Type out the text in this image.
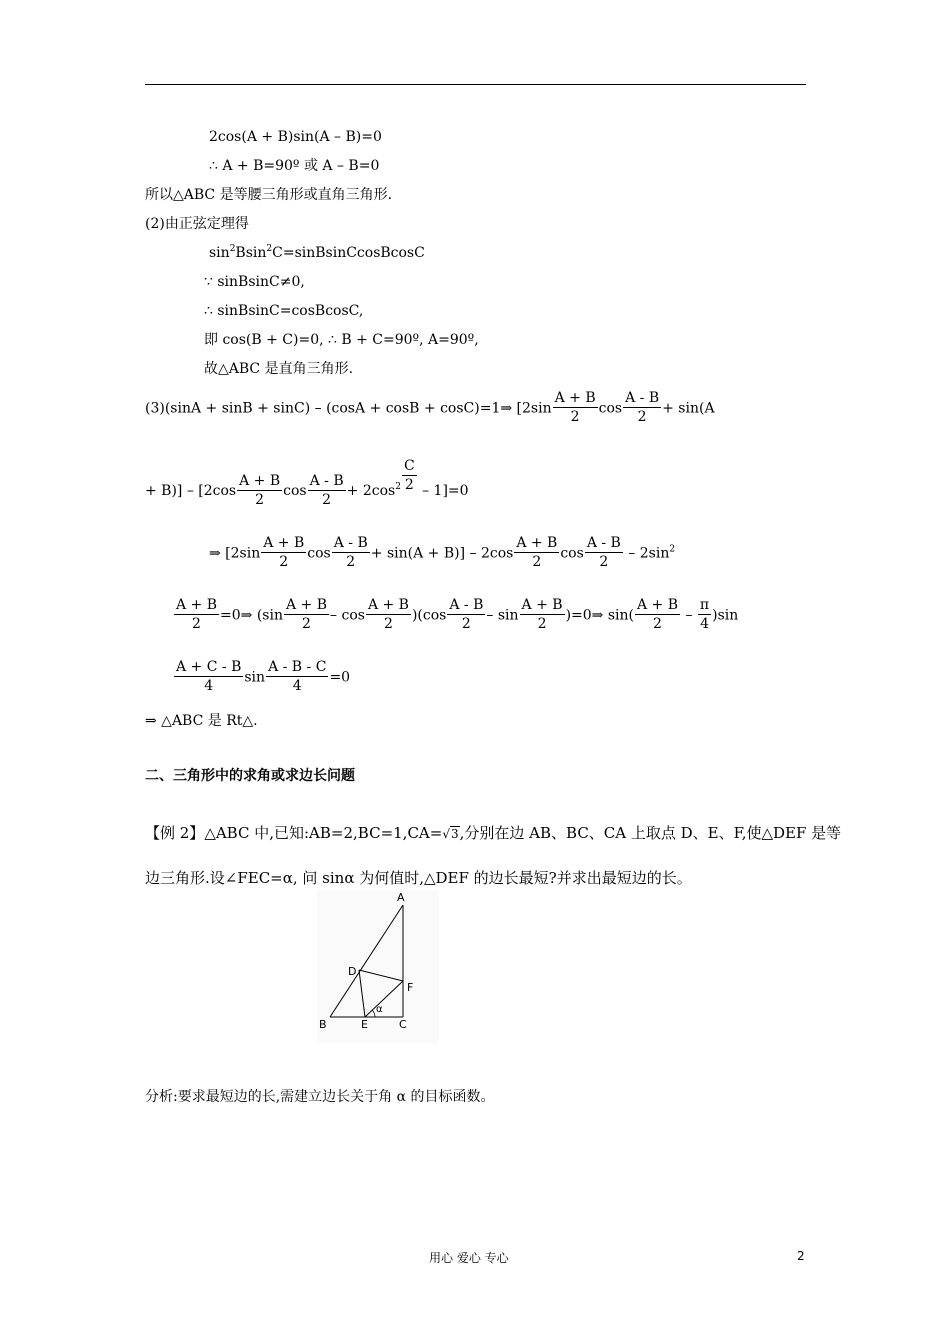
2cos(A + B)sin(A – B)=0
∴ A + B=90º 或 A – B=0
所以△ABC 是等腰三角形或直角三角形.
(2)由正弦定理得
$\sin^2Bsin^2C=sinBsinCcosBcosC$
∵ sinBsinC≠0,
∴ sinBsinC=cosBcosC,
即 cos(B + C)=0, ∴ B + C=90º, A=90º,
故△ABC 是直角三角形.
(3)(sinA + sinB + sinC) – (cosA + cosB + cosC)=1⇒ [$2\sin \frac{A + B}{2}$ $\cos \frac{A - B}{2} + \sin(A$
+ $B)] - [2\cos \frac{A + B}{2}$ $\cos \frac{A - B}{2} + 2\cos^2 \frac{C}{2} - 1]=0$
⇒ [$2\sin \frac{A + B}{2}$ $\cos \frac{A - B}{2} + \sin(A + B)] - 2\cos \frac{A + B}{2}$ $\cos \frac{A - B}{2} - 2\sin^2$
$\frac{A + B}{2}$ =0⇒ ($\sin \frac{A + B}{2}$ – $\cos \frac{A + B}{2} )(\cos \frac{A - B}{2}$ – $\sin \frac{A + B}{2}$ )=0⇒ $\sin( \frac{A + B}{2} - \frac{\pi}{4} )\sin$
$\frac{A + C - B}{4}$ $\sin \frac{A - B - C}{4} =0$
⇒ △ABC 是 Rt△.
二、三角形中的求角或求边长问题
【例 2】△ABC 中,已知:AB=2,BC=1,CA=√3,分别在边 AB、BC、CA 上取点 D、E、F,使△DEF 是等
边三角形.设∠FEC=α, 问 sinα 为何值时,△DEF 的边长最短?并求出最短边的长。
A
B	C
D
E
F
α
分析:要求最短边的长,需建立边长关于角 α 的目标函数。
用心 爱心 专心	2
